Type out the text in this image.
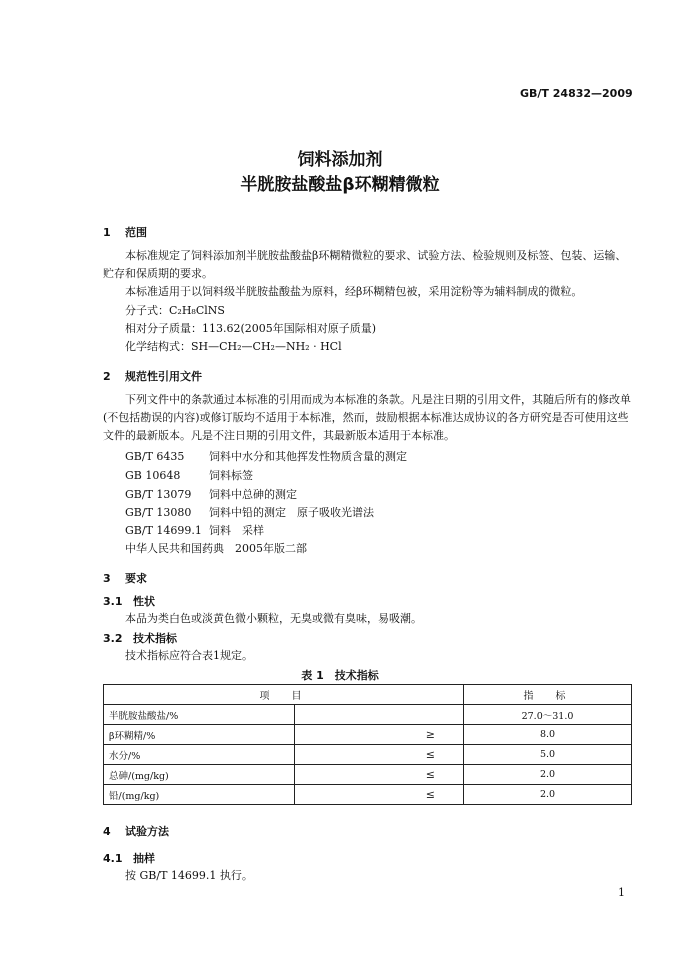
GB/T 24832—2009
饲料添加剂
半胱胺盐酸盐β环糊精微粒
1 范围
本标准规定了饲料添加剂半胱胺盐酸盐β环糊精微粒的要求、试验方法、检验规则及标签、包装、运输、贮存和保质期的要求。
本标准适用于以饲料级半胱胺盐酸盐为原料，经β环糊精包被，采用淀粉等为辅料制成的微粒。
分子式：C₂H₈ClNS
相对分子质量：113.62(2005年国际相对原子质量)
化学结构式：SH—CH₂—CH₂—NH₂ · HCl
2 规范性引用文件
下列文件中的条款通过本标准的引用而成为本标准的条款。凡是注日期的引用文件，其随后所有的修改单(不包括勘误的内容)或修订版均不适用于本标准，然而，鼓励根据本标准达成协议的各方研究是否可使用这些文件的最新版本。凡是不注日期的引用文件，其最新版本适用于本标准。
GB/T 6435 饲料中水分和其他挥发性物质含量的测定
GB 10648	饲料标签
GB/T 13079 饲料中总砷的测定
GB/T 13080 饲料中铅的测定　原子吸收光谱法
GB/T 14699.1 饲料　采样
中华人民共和国药典　2005年版二部
3 要求
3.1 性状
本品为类白色或淡黄色微小颗粒，无臭或微有臭味，易吸潮。
3.2 技术指标
技术指标应符合表1规定。
表 1　技术指标
项　目		指　标
半胱胺盐酸盐/%		27.0～31.0
β环糊精/%	≥	8.0
水分/%	≤	5.0
总砷/(mg/kg)	≤	2.0
铅/(mg/kg)	≤	2.0
4 试验方法
4.1 抽样
按 GB/T 14699.1 执行。
1
